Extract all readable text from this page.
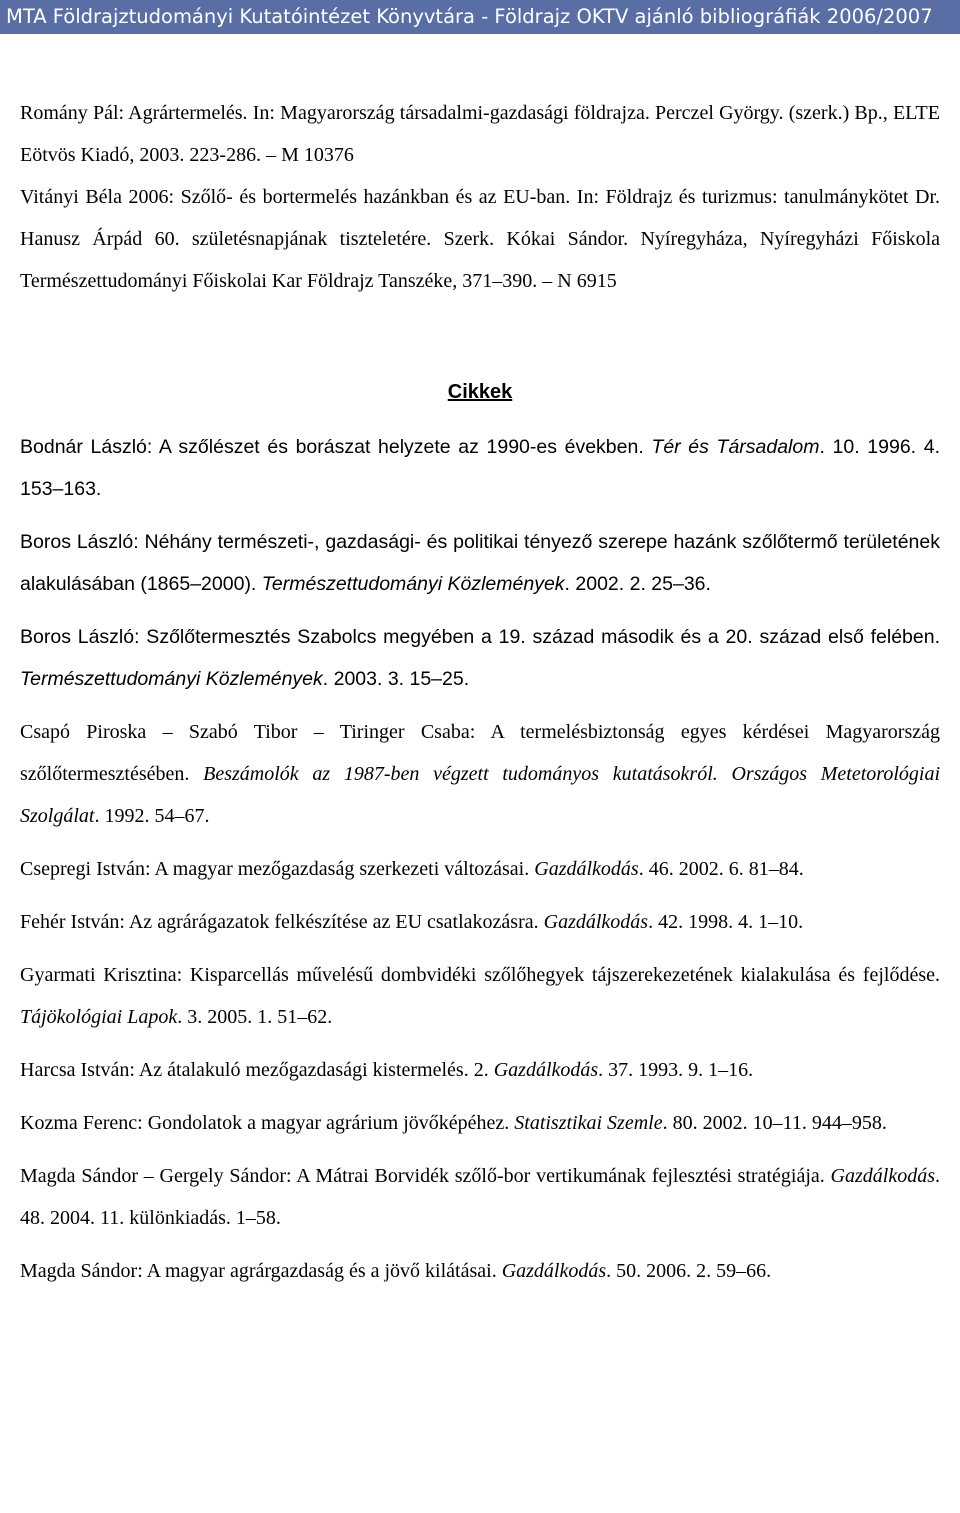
MTA Földrajztudományi Kutatóintézet Könyvtára - Földrajz OKTV ajánló bibliográfiák 2006/2007

Romány Pál: Agrártermelés. In: Magyarország társadalmi-gazdasági földrajza. Perczel György. (szerk.) Bp., ELTE Eötvös Kiadó, 2003. 223-286. – M 10376

Vitányi Béla 2006: Szőlő- és bortermelés hazánkban és az EU-ban. In: Földrajz és turizmus: tanulmánykötet Dr. Hanusz Árpád 60. születésnapjának tiszteletére. Szerk. Kókai Sándor. Nyíregyháza, Nyíregyházi Főiskola Természettudományi Főiskolai Kar Földrajz Tanszéke, 371–390. – N 6915

Cikkek

Bodnár László: A szőlészet és borászat helyzete az 1990-es években. Tér és Társadalom. 10. 1996. 4. 153–163.

Boros László: Néhány természeti-, gazdasági- és politikai tényező szerepe hazánk szőlőtermő területének alakulásában (1865–2000). Természettudományi Közlemények. 2002. 2. 25–36.

Boros László: Szőlőtermesztés Szabolcs megyében a 19. század második és a 20. század első felében. Természettudományi Közlemények. 2003. 3. 15–25.

Csapó Piroska – Szabó Tibor – Tiringer Csaba: A termelésbiztonság egyes kérdései Magyarország szőlőtermesztésében. Beszámolók az 1987-ben végzett tudományos kutatásokról. Országos Metetorológiai Szolgálat. 1992. 54–67.

Csepregi István: A magyar mezőgazdaság szerkezeti változásai. Gazdálkodás. 46. 2002. 6. 81–84.

Fehér István: Az agrárágazatok felkészítése az EU csatlakozásra. Gazdálkodás. 42. 1998. 4. 1–10.

Gyarmati Krisztina: Kisparcellás művelésű dombvidéki szőlőhegyek tájszerekezetének kialakulása és fejlődése. Tájökológiai Lapok. 3. 2005. 1. 51–62.

Harcsa István: Az átalakuló mezőgazdasági kistermelés. 2. Gazdálkodás. 37. 1993. 9. 1–16.

Kozma Ferenc: Gondolatok a magyar agrárium jövőképéhez. Statisztikai Szemle. 80. 2002. 10–11. 944–958.

Magda Sándor – Gergely Sándor: A Mátrai Borvidék szőlő-bor vertikumának fejlesztési stratégiája. Gazdálkodás. 48. 2004. 11. különkiadás. 1–58.

Magda Sándor: A magyar agrárgazdaság és a jövő kilátásai. Gazdálkodás. 50. 2006. 2. 59–66.
